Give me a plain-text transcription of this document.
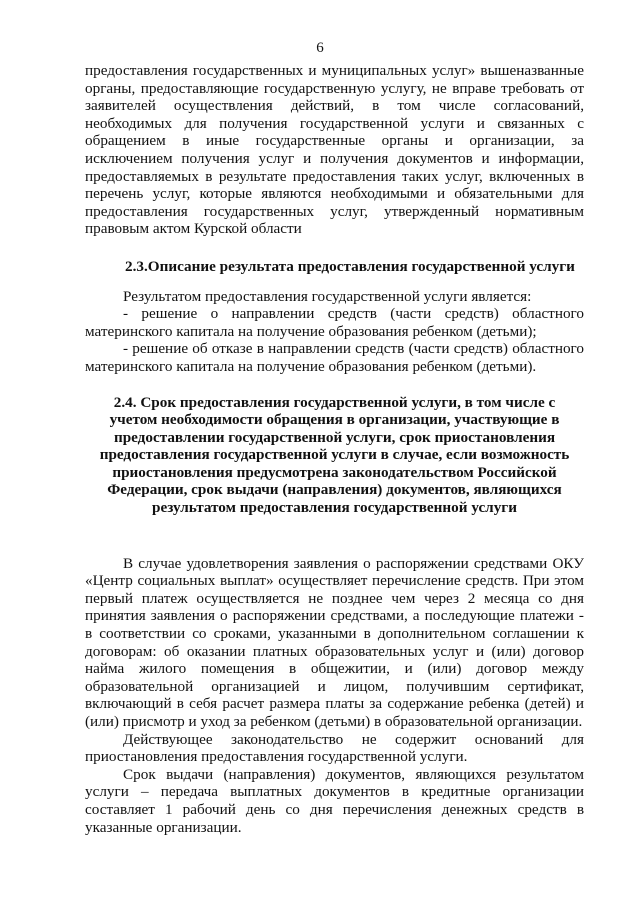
6

предоставления государственных и муниципальных услуг» вышеназванные органы, предоставляющие государственную услугу, не вправе требовать от заявителей осуществления действий, в том числе согласований, необходимых для получения государственной услуги и связанных с обращением в иные государственные органы и организации, за исключением получения услуг и получения документов и информации, предоставляемых в результате предоставления таких услуг, включенных в перечень услуг, которые являются необходимыми и обязательными для предоставления государственных услуг, утвержденный нормативным правовым актом Курской области

2.3.Описание результата предоставления государственной услуги

Результатом предоставления государственной услуги является:

- решение о направлении средств (части средств) областного материнского капитала на получение образования ребенком (детьми);

- решение об отказе в направлении средств (части средств) областного материнского капитала на получение образования ребенком (детьми).

2.4. Срок предоставления государственной услуги, в том числе с учетом необходимости обращения в организации, участвующие в предоставлении государственной услуги, срок приостановления предоставления государственной услуги в случае, если возможность приостановления предусмотрена законодательством Российской Федерации, срок выдачи (направления) документов, являющихся результатом предоставления государственной услуги

В случае удовлетворения заявления о распоряжении средствами ОКУ «Центр социальных выплат» осуществляет перечисление средств. При этом первый платеж осуществляется не позднее чем через 2 месяца со дня принятия заявления о распоряжении средствами, а последующие платежи - в соответствии со сроками, указанными в дополнительном соглашении к договорам: об оказании платных образовательных услуг и (или) договор найма жилого помещения в общежитии, и (или) договор между образовательной организацией и лицом, получившим сертификат, включающий в себя расчет размера платы за содержание ребенка (детей) и (или) присмотр и уход за ребенком (детьми) в образовательной организации.

Действующее законодательство не содержит оснований для приостановления предоставления государственной услуги.

Срок выдачи (направления) документов, являющихся результатом услуги – передача выплатных документов в кредитные организации составляет 1 рабочий день со дня перечисления денежных средств в указанные организации.
